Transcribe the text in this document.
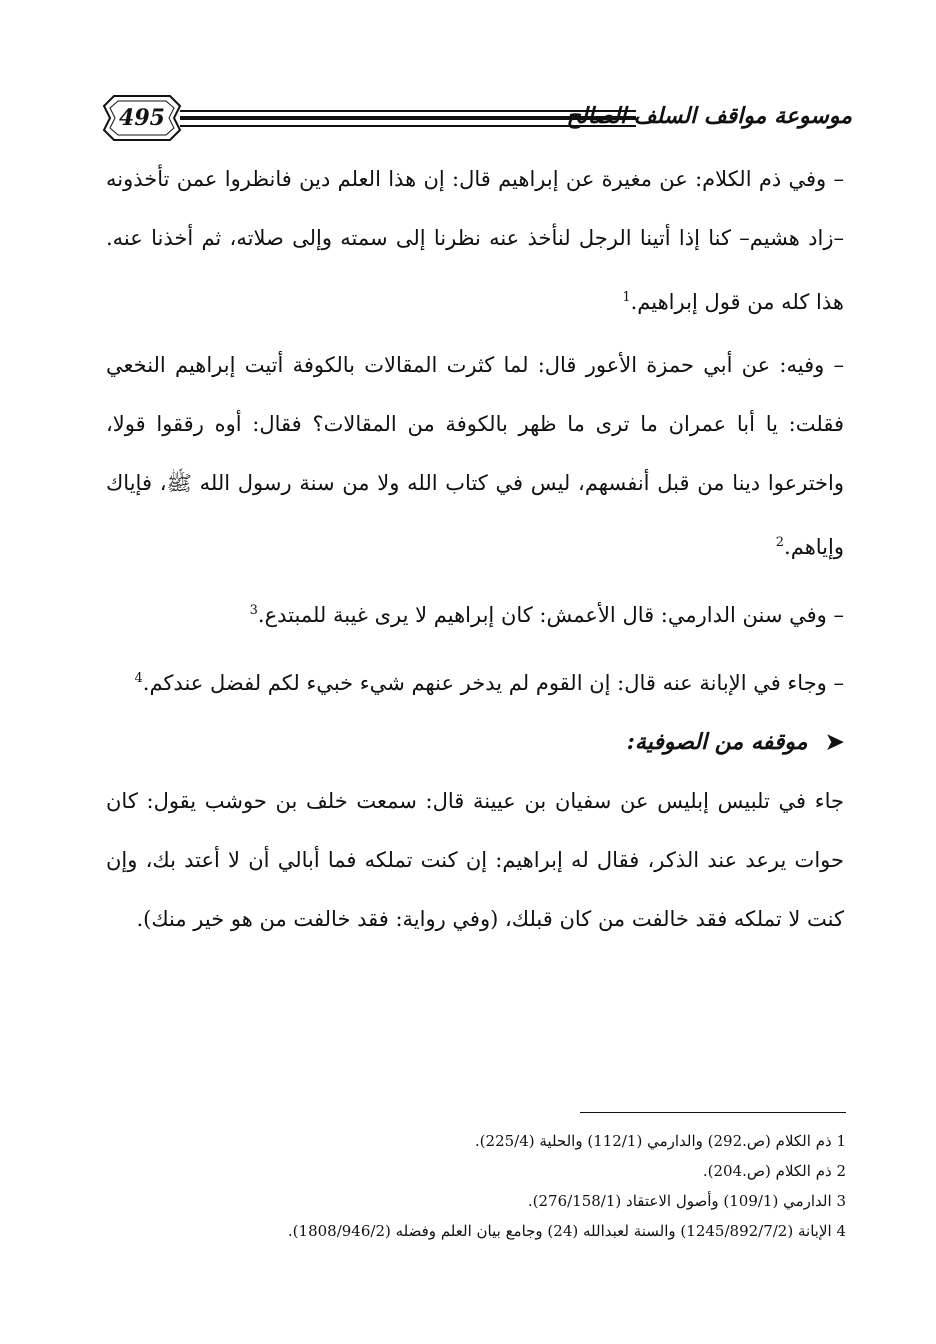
495	موسوعة مواقف السلف الصالح

– وفي ذم الكلام: عن مغيرة عن إبراهيم قال: إن هذا العلم دين فانظروا عمن تأخذونه –زاد هشيم– كنا إذا أتينا الرجل لنأخذ عنه نظرنا إلى سمته وإلى صلاته، ثم أخذنا عنه. هذا كله من قول إبراهيم.$^1$

– وفيه: عن أبي حمزة الأعور قال: لما كثرت المقالات بالكوفة أتيت إبراهيم النخعي فقلت: يا أبا عمران ما ترى ما ظهر بالكوفة من المقالات؟ فقال: أوه رققوا قولا، واخترعوا دينا من قبل أنفسهم، ليس في كتاب الله ولا من سنة رسول الله ﷺ، فإياك وإياهم.$^2$

– وفي سنن الدارمي: قال الأعمش: كان إبراهيم لا يرى غيبة للمبتدع.$^3$

– وجاء في الإبانة عنه قال: إن القوم لم يدخر عنهم شيء خبيء لكم لفضل عندكم.$^4$

➤موقفه من الصوفية:

جاء في تلبيس إبليس عن سفيان بن عيينة قال: سمعت خلف بن حوشب يقول: كان حوات يرعد عند الذكر، فقال له إبراهيم: إن كنت تملكه فما أبالي أن لا أعتد بك، وإن كنت لا تملكه فقد خالفت من كان قبلك، (وفي رواية: فقد خالفت من هو خير منك).

1 ذم الكلام (ص.292) والدارمي (112/1) والحلية (225/4).

2 ذم الكلام (ص.204).

3 الدارمي (109/1) وأصول الاعتقاد (276/158/1).

4 الإبانة (1245/892/7/2) والسنة لعبدالله (24) وجامع بيان العلم وفضله (1808/946/2).
